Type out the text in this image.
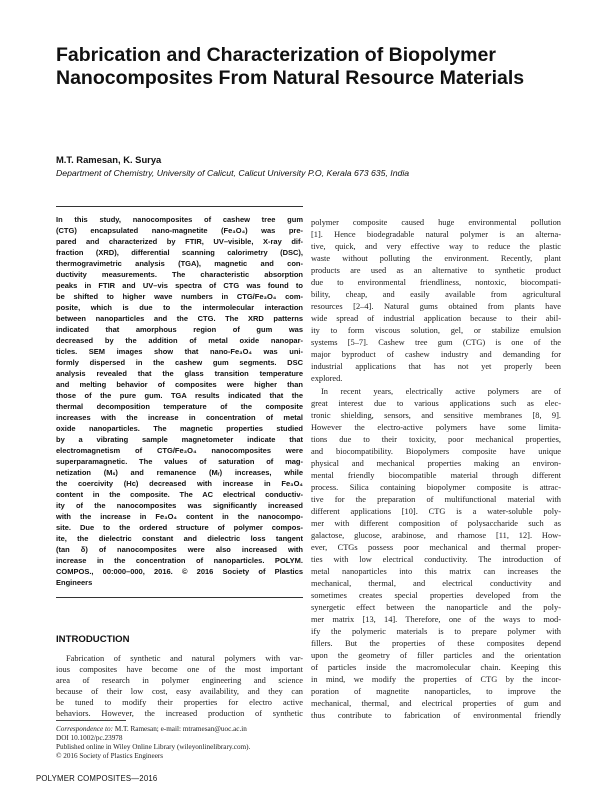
Fabrication and Characterization of Biopolymer
Nanocomposites From Natural Resource Materials
M.T. Ramesan, K. Surya
Department of Chemistry, University of Calicut, Calicut University P.O, Kerala 673 635, India
In this study, nanocomposites of cashew tree gum
(CTG) encapsulated nano-magnetite (Fe₃O₄) was pre-
pared and characterized by FTIR, UV–visible, X-ray dif-
fraction (XRD), differential scanning calorimetry (DSC),
thermogravimetric analysis (TGA), magnetic and con-
ductivity measurements. The characteristic absorption
peaks in FTIR and UV–vis spectra of CTG was found to
be shifted to higher wave numbers in CTG/Fe₃O₄ com-
posite, which is due to the intermolecular interaction
between nanoparticles and the CTG. The XRD patterns
indicated that amorphous region of gum was
decreased by the addition of metal oxide nanopar-
ticles. SEM images show that nano-Fe₃O₄ was uni-
formly dispersed in the cashew gum segments. DSC
analysis revealed that the glass transition temperature
and melting behavior of composites were higher than
those of the pure gum. TGA results indicated that the
thermal decomposition temperature of the composite
increases with the increase in concentration of metal
oxide nanoparticles. The magnetic properties studied
by a vibrating sample magnetometer indicate that
electromagnetism of CTG/Fe₃O₄ nanocomposites were
superparamagnetic. The values of saturation of mag-
netization (Mₛ) and remanence (Mᵣ) increases, while
the coercivity (Hc) decreased with increase in Fe₃O₄
content in the composite. The AC electrical conductiv-
ity of the nanocomposites was significantly increased
with the increase in Fe₃O₄ content in the nanocompo-
site. Due to the ordered structure of polymer compos-
ite, the dielectric constant and dielectric loss tangent
(tan δ) of nanocomposites were also increased with
increase in the concentration of nanoparticles. POLYM.
COMPOS., 00:000–000, 2016. © 2016 Society of Plastics
Engineers
INTRODUCTION
Fabrication of synthetic and natural polymers with var-
ious composites have become one of the most important
area of research in polymer engineering and science
because of their low cost, easy availability, and they can
be tuned to modify their properties for electro active
behaviors. However, the increased production of synthetic
Correspondence to: M.T. Ramesan; e-mail: mtramesan@uoc.ac.in
DOI 10.1002/pc.23978
Published online in Wiley Online Library (wileyonlinelibrary.com).
© 2016 Society of Plastics Engineers
polymer composite caused huge environmental pollution
[1]. Hence biodegradable natural polymer is an alterna-
tive, quick, and very effective way to reduce the plastic
waste without polluting the environment. Recently, plant
products are used as an alternative to synthetic product
due to environmental friendliness, nontoxic, biocompati-
bility, cheap, and easily available from agricultural
resources [2–4]. Natural gums obtained from plants have
wide spread of industrial application because to their abil-
ity to form viscous solution, gel, or stabilize emulsion
systems [5–7]. Cashew tree gum (CTG) is one of the
major byproduct of cashew industry and demanding for
industrial applications that has not yet properly been
explored.
In recent years, electrically active polymers are of
great interest due to various applications such as elec-
tronic shielding, sensors, and sensitive membranes [8, 9].
However the electro-active polymers have some limita-
tions due to their toxicity, poor mechanical properties,
and biocompatibility. Biopolymers composite have unique
physical and mechanical properties making an environ-
mental friendly biocompatible material through different
process. Silica containing biopolymer composite is attrac-
tive for the preparation of multifunctional material with
different applications [10]. CTG is a water-soluble poly-
mer with different composition of polysaccharide such as
galactose, glucose, arabinose, and rhamose [11, 12]. How-
ever, CTGs possess poor mechanical and thermal proper-
ties with low electrical conductivity. The introduction of
metal nanoparticles into this matrix can increases the
mechanical, thermal, and electrical conductivity and
sometimes creates special properties developed from the
synergetic effect between the nanoparticle and the poly-
mer matrix [13, 14]. Therefore, one of the ways to mod-
ify the polymeric materials is to prepare polymer with
fillers. But the properties of these composites depend
upon the geometry of filler particles and the orientation
of particles inside the macromolecular chain. Keeping this
in mind, we modify the properties of CTG by the incor-
poration of magnetite nanoparticles, to improve the
mechanical, thermal, and electrical properties of gum and
thus contribute to fabrication of environmental friendly
POLYMER COMPOSITES—2016
